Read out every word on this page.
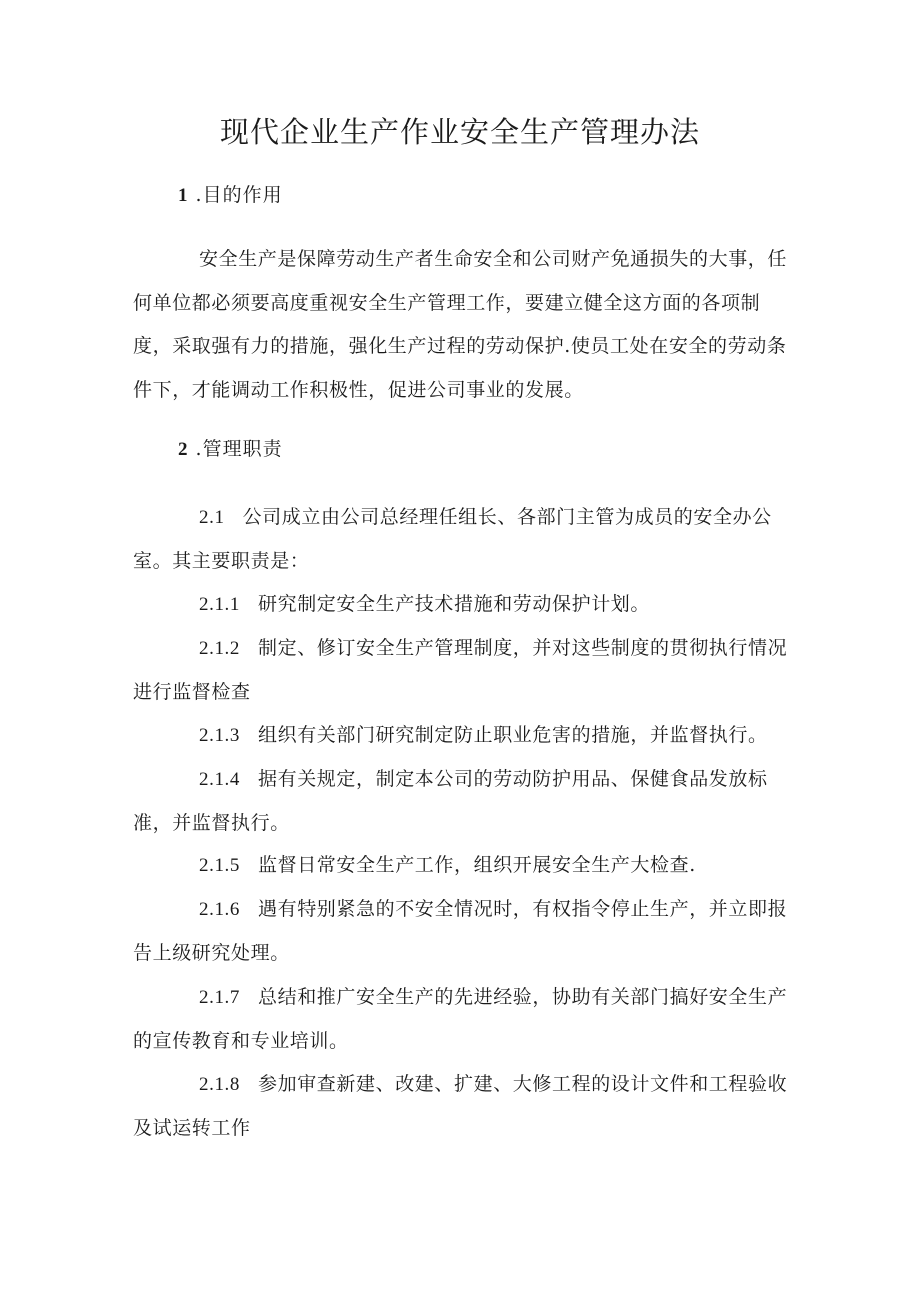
现代企业生产作业安全生产管理办法
1 .目的作用

安全生产是保障劳动生产者生命安全和公司财产免通损失的大事，任何单位都必须要高度重视安全生产管理工作，要建立健全这方面的各项制度，采取强有力的措施，强化生产过程的劳动保护.使员工处在安全的劳动条件下，才能调动工作积极性，促进公司事业的发展。

2 .管理职责

2.1 公司成立由公司总经理任组长、各部门主管为成员的安全办公室。其主要职责是：

2.1.1 研究制定安全生产技术措施和劳动保护计划。

2.1.2 制定、修订安全生产管理制度，并对这些制度的贯彻执行情况进行监督检查

2.1.3 组织有关部门研究制定防止职业危害的措施，并监督执行。

2.1.4 据有关规定，制定本公司的劳动防护用品、保健食品发放标准，并监督执行。

2.1.5 监督日常安全生产工作，组织开展安全生产大检查.

2.1.6 遇有特别紧急的不安全情况时，有权指令停止生产，并立即报告上级研究处理。

2.1.7 总结和推广安全生产的先进经验，协助有关部门搞好安全生产的宣传教育和专业培训。

2.1.8 参加审查新建、改建、扩建、大修工程的设计文件和工程验收及试运转工作
